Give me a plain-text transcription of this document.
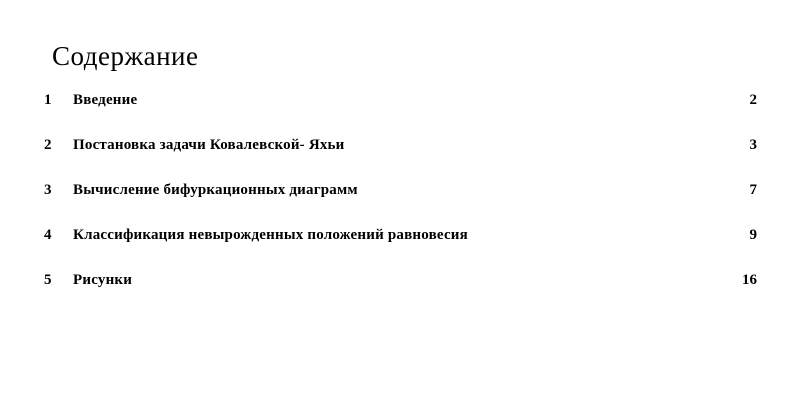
Содержание
1	Введение	2
2	Постановка задачи Ковалевской- Яхьи	3
3	Вычисление бифуркационных диаграмм	7
4	Классификация невырожденных положений равновесия	9
5	Рисунки	16
